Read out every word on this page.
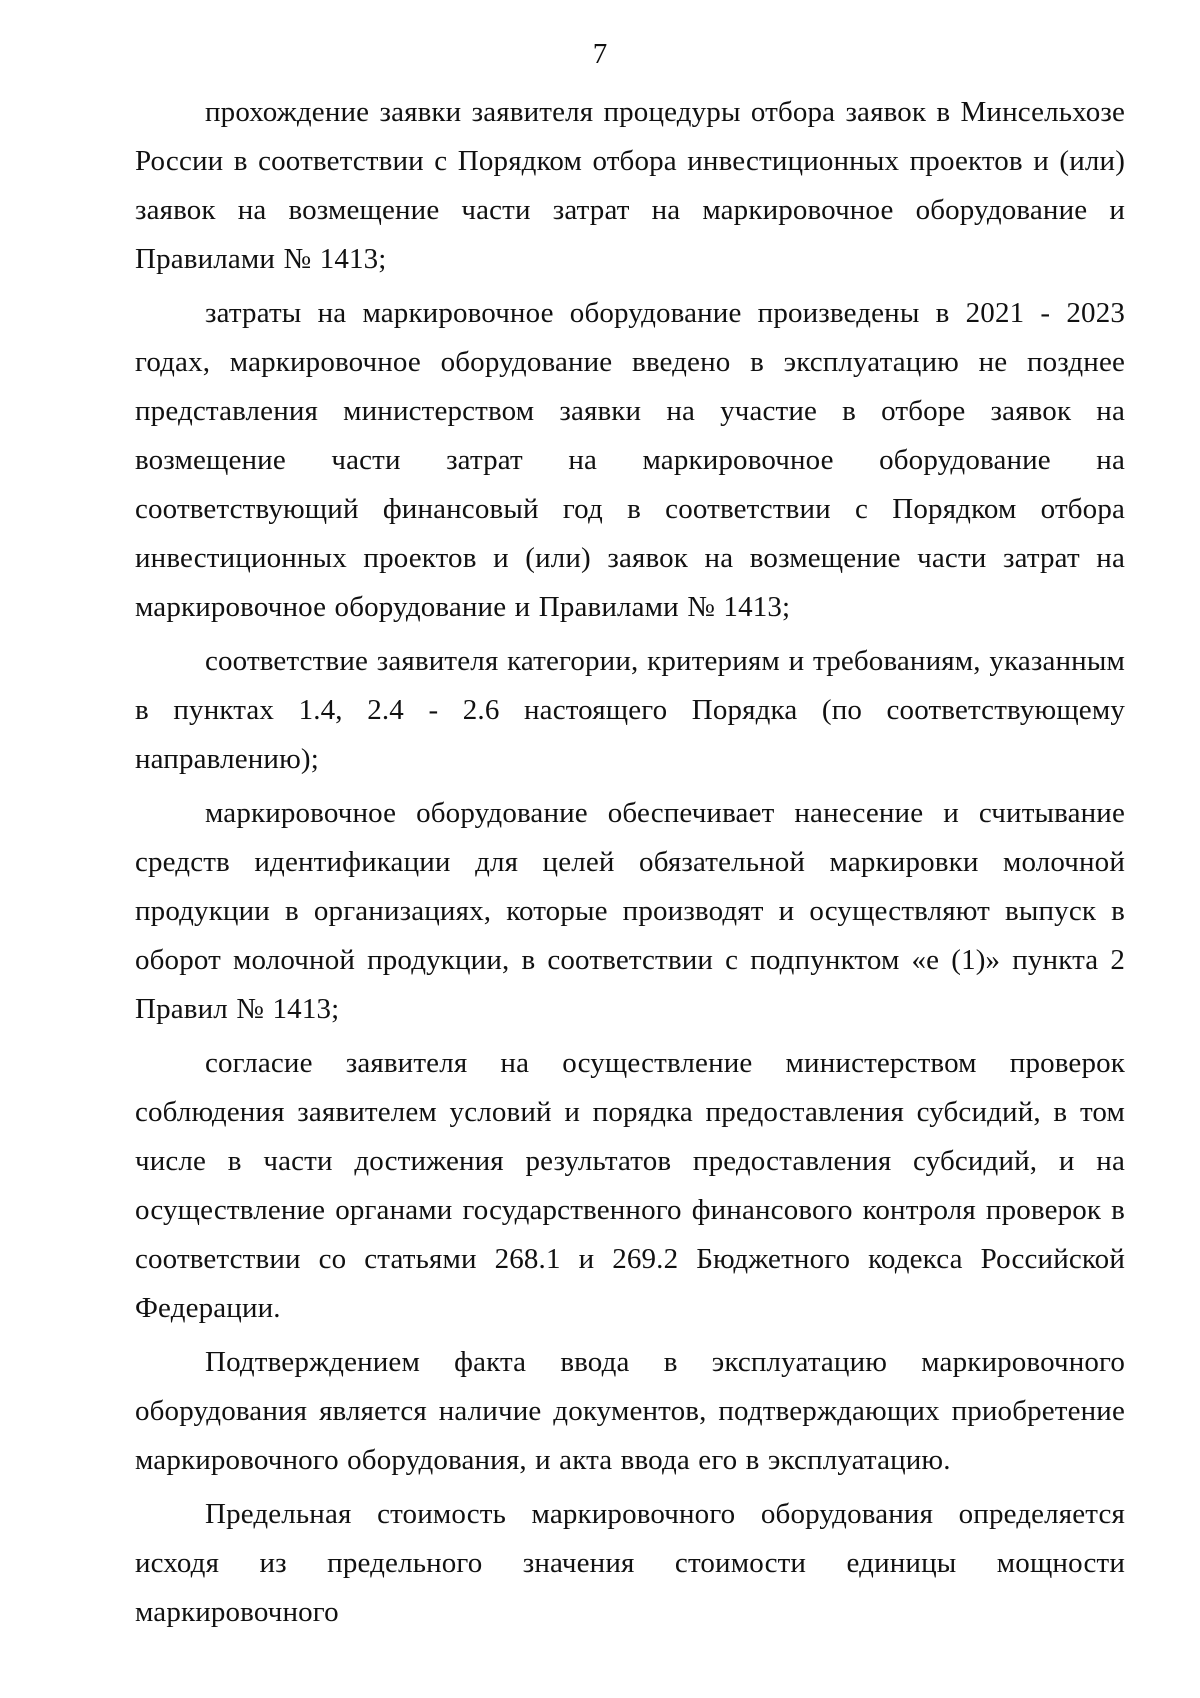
7

прохождение заявки заявителя процедуры отбора заявок в Минсельхозе России в соответствии с Порядком отбора инвестиционных проектов и (или) заявок на возмещение части затрат на маркировочное оборудование и Правилами № 1413;

затраты на маркировочное оборудование произведены в 2021 - 2023 годах, маркировочное оборудование введено в эксплуатацию не позднее представления министерством заявки на участие в отборе заявок на возмещение части затрат на маркировочное оборудование на соответствующий финансовый год в соответствии с Порядком отбора инвестиционных проектов и (или) заявок на возмещение части затрат на маркировочное оборудование и Правилами № 1413;

соответствие заявителя категории, критериям и требованиям, указанным в пунктах 1.4, 2.4 - 2.6 настоящего Порядка (по соответствующему направлению);

маркировочное оборудование обеспечивает нанесение и считывание средств идентификации для целей обязательной маркировки молочной продукции в организациях, которые производят и осуществляют выпуск в оборот молочной продукции, в соответствии с подпунктом «е (1)» пункта 2 Правил № 1413;

согласие заявителя на осуществление министерством проверок соблюдения заявителем условий и порядка предоставления субсидий, в том числе в части достижения результатов предоставления субсидий, и на осуществление органами государственного финансового контроля проверок в соответствии со статьями 268.1 и 269.2 Бюджетного кодекса Российской Федерации.

Подтверждением факта ввода в эксплуатацию маркировочного оборудования является наличие документов, подтверждающих приобретение маркировочного оборудования, и акта ввода его в эксплуатацию.

Предельная стоимость маркировочного оборудования определяется исходя из предельного значения стоимости единицы мощности маркировочного
